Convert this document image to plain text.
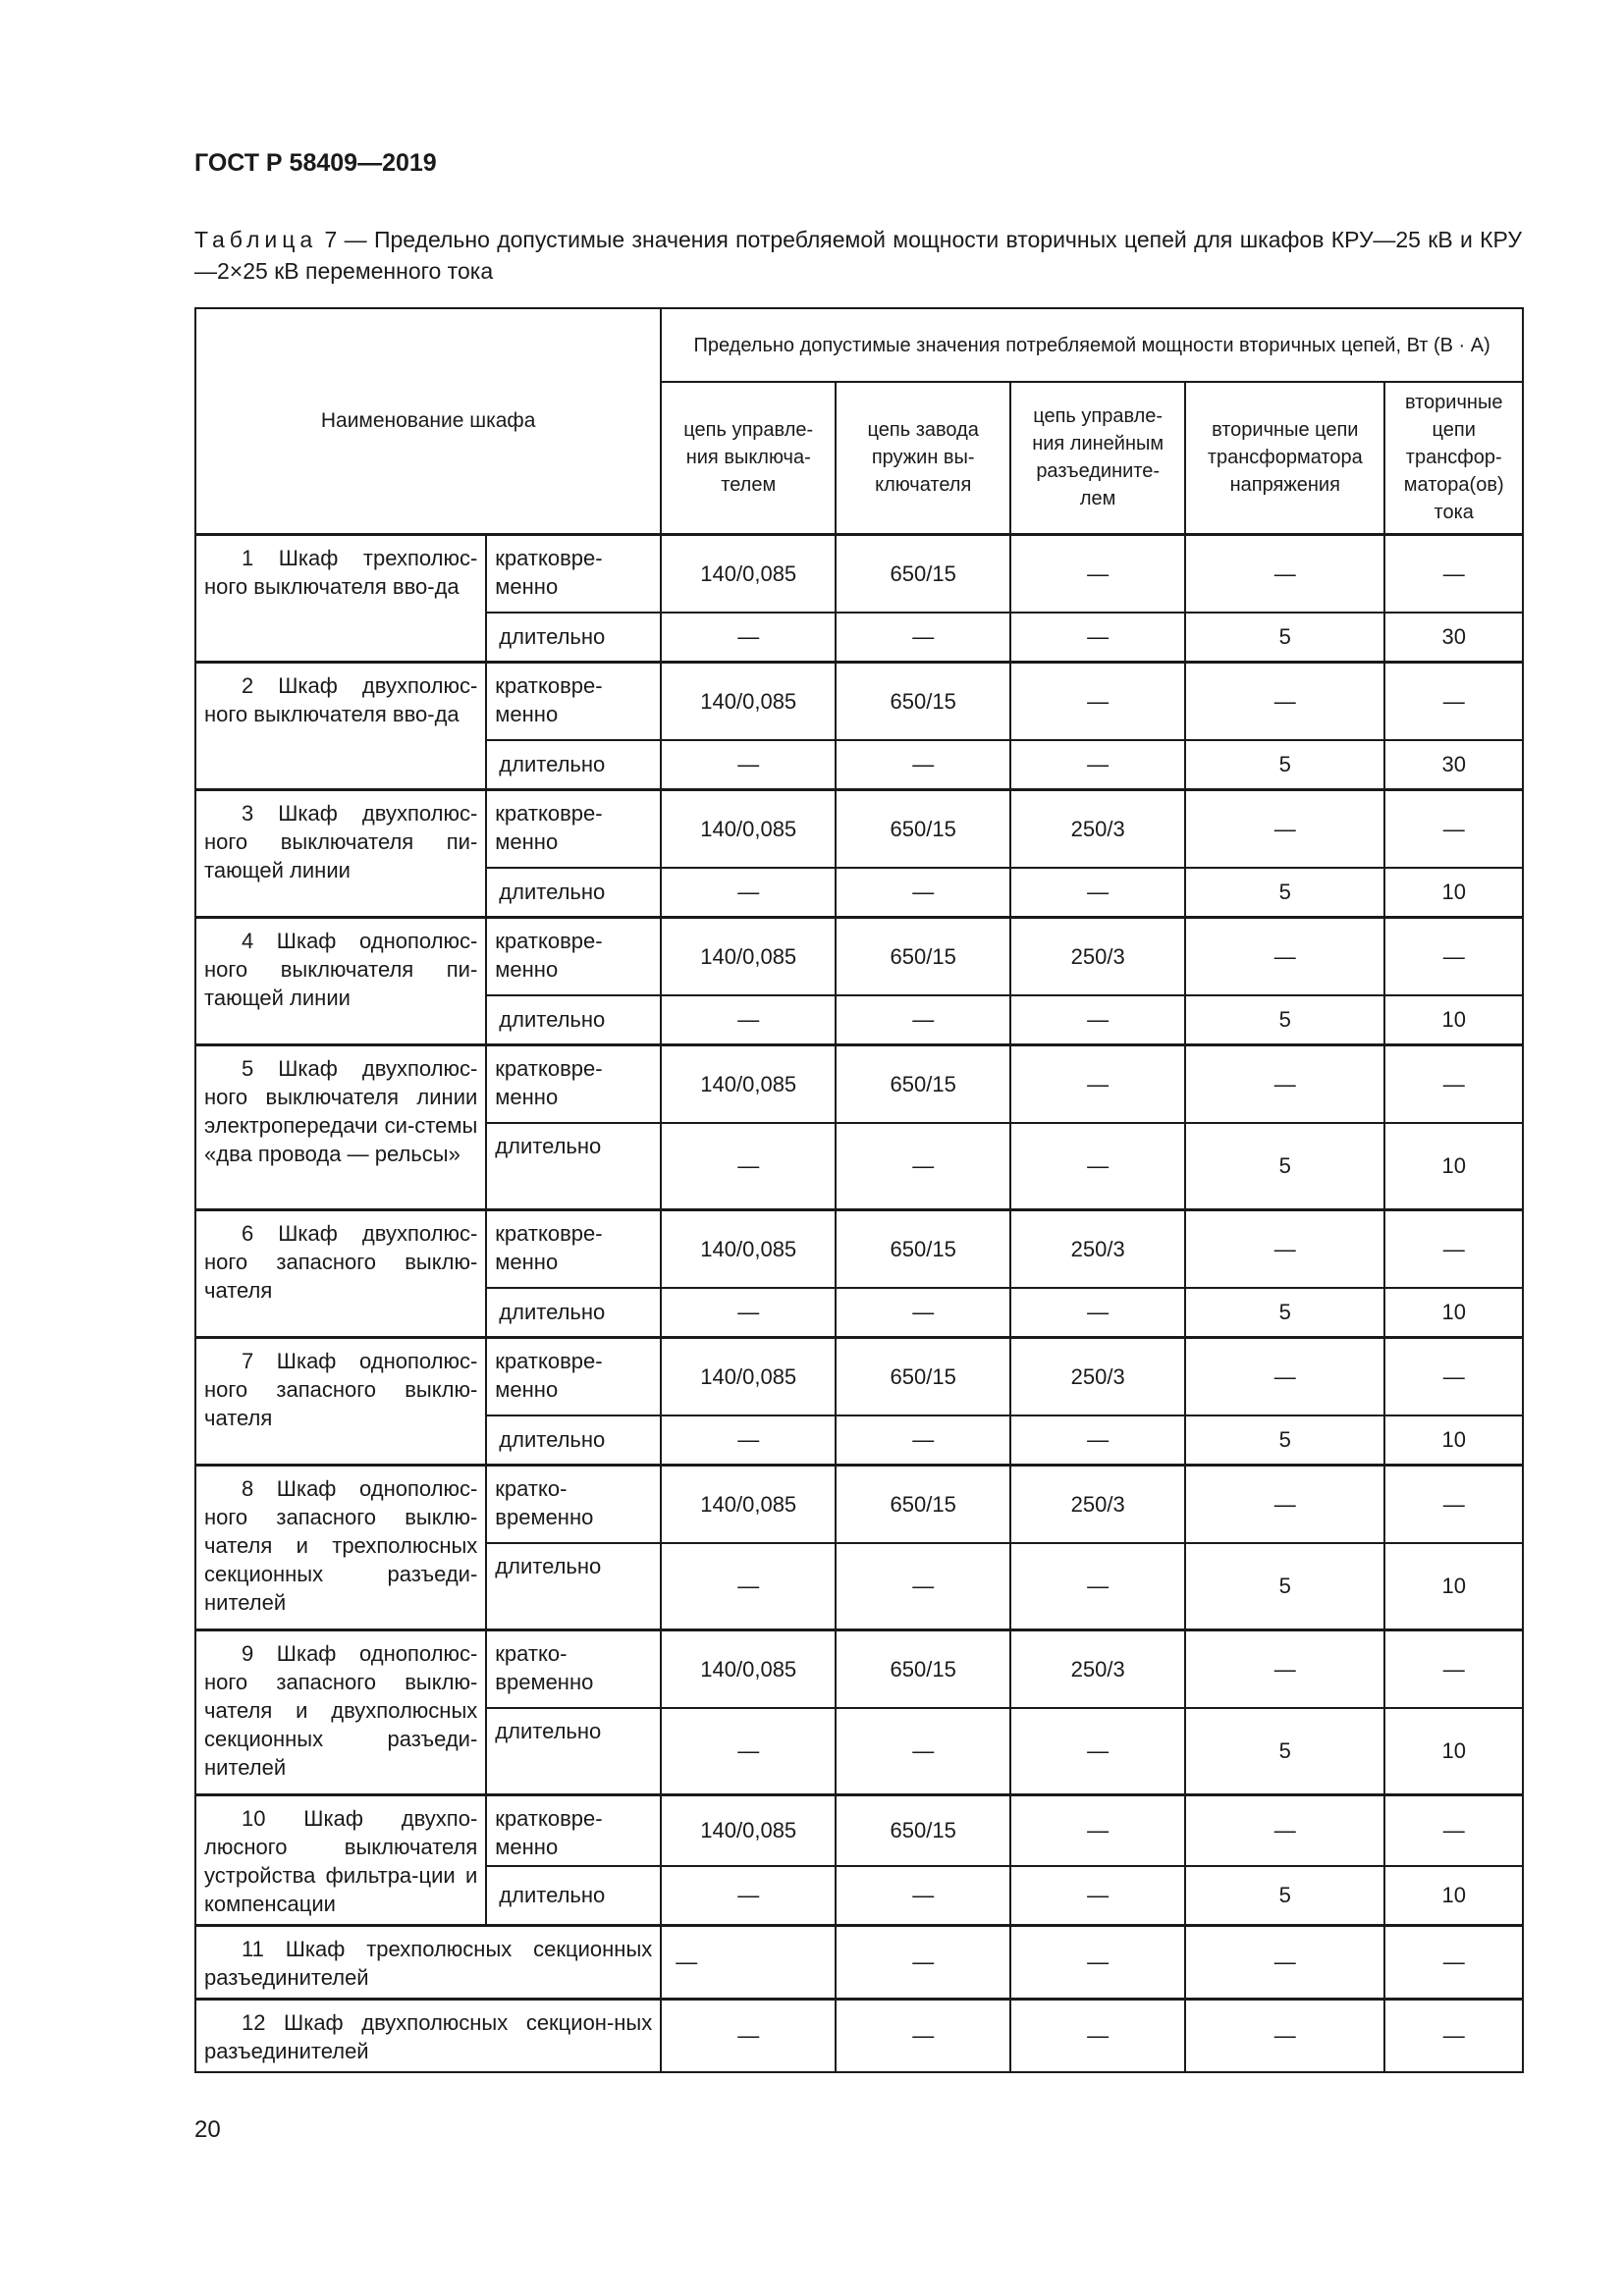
ГОСТ Р 58409—2019
Таблица 7 — Предельно допустимые значения потребляемой мощности вторичных цепей для шкафов КРУ—25 кВ и КРУ—2×25 кВ переменного тока
Наименование шкафа		Предельно допустимые значения потребляемой мощности вторичных цепей, Вт (В · А)				
		цепь управле-ния выключа-телем	цепь завода пружин вы-ключателя	цепь управле-ния линейным разъедините-лем	вторичные цепи трансформатора напряжения	вторичные цепи трансфор-матора(ов) тока
1 Шкаф трехполюс-ного выключателя вво-да	кратковре-менно	140/0,085	650/15	—	—	—
	длительно	—	—	—	5	30
2 Шкаф двухполюс-ного выключателя вво-да	кратковре-менно	140/0,085	650/15	—	—	—
	длительно	—	—	—	5	30
3 Шкаф двухполюс-ного выключателя пи-тающей линии	кратковре-менно	140/0,085	650/15	250/3	—	—
	длительно	—	—	—	5	10
4 Шкаф однополюс-ного выключателя пи-тающей линии	кратковре-менно	140/0,085	650/15	250/3	—	—
	длительно	—	—	—	5	10
5 Шкаф двухполюс-ного выключателя линии электропередачи си-стемы «два провода — рельсы»	кратковре-менно	140/0,085	650/15	—	—	—
	длительно	—	—	—	5	10
6 Шкаф двухполюс-ного запасного выклю-чателя	кратковре-менно	140/0,085	650/15	250/3	—	—
	длительно	—	—	—	5	10
7 Шкаф однополюс-ного запасного выклю-чателя	кратковре-менно	140/0,085	650/15	250/3	—	—
	длительно	—	—	—	5	10
8 Шкаф однополюс-ного запасного выклю-чателя и трехполюсных секционных разъеди-нителей	кратко-временно	140/0,085	650/15	250/3	—	—
	длительно	—	—	—	5	10
9 Шкаф однополюс-ного запасного выклю-чателя и двухполюсных секционных разъеди-нителей	кратко-временно	140/0,085	650/15	250/3	—	—
	длительно	—	—	—	5	10
10 Шкаф двухпо-люсного выключателя устройства фильтра-ции и компенсации	кратковре-менно	140/0,085	650/15	—	—	—
	длительно	—	—	—	5	10
11 Шкаф трехполюсных секционных разъединителей		—	—	—	—	—
12 Шкаф двухполюсных секцион-ных разъединителей		—	—	—	—	—
20
